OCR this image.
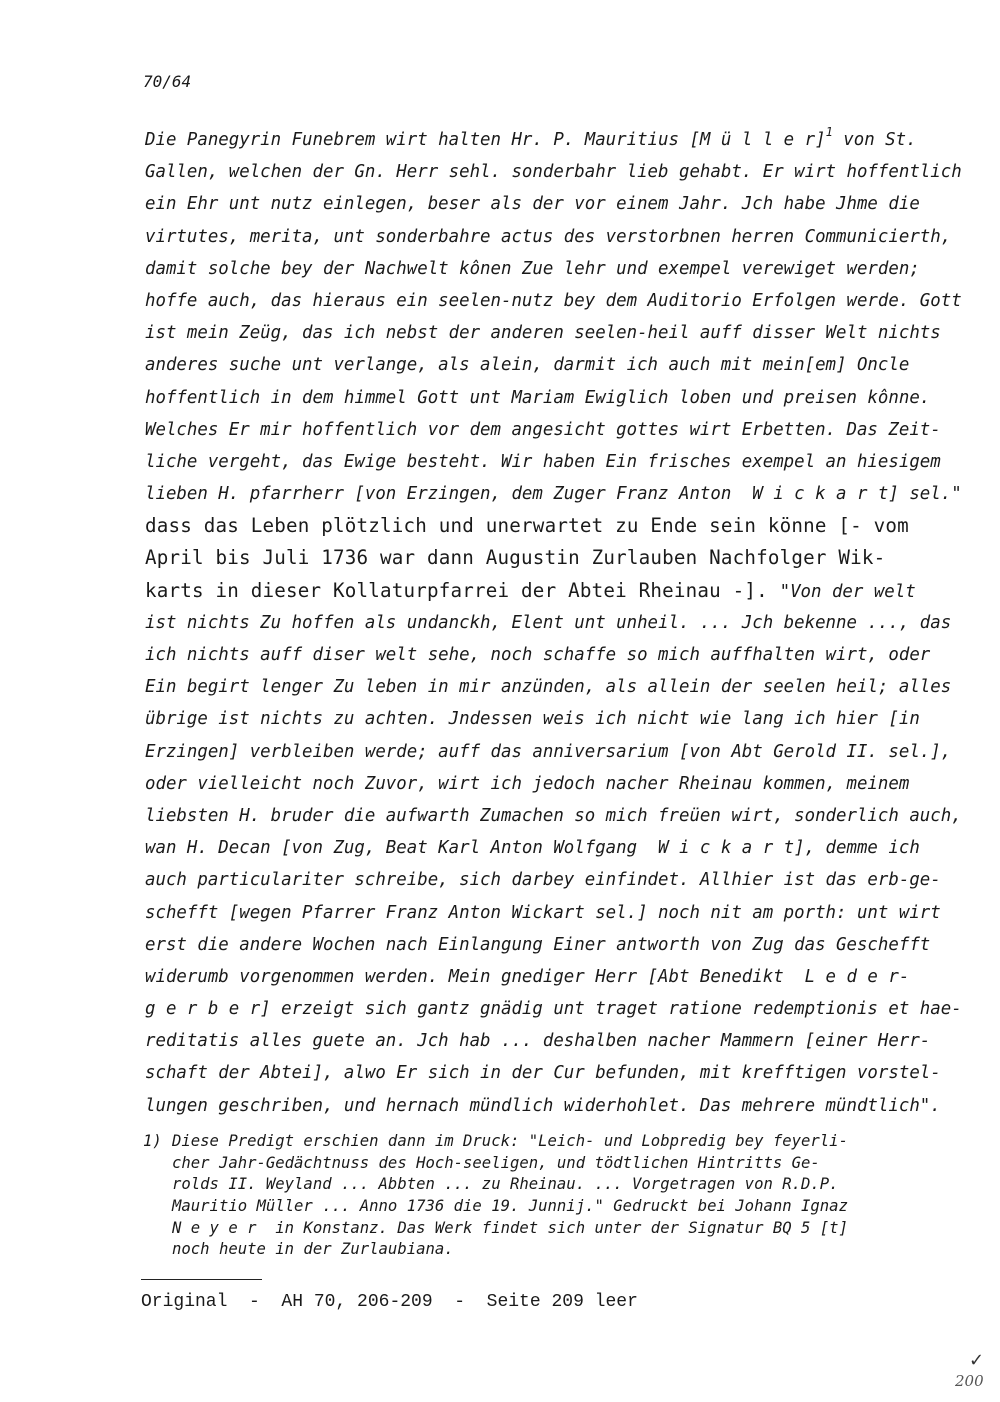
70/64
Die Panegyrin Funebrem wirt halten Hr. P. Mauritius [M ü l l e r]$^1$ von St.
Gallen, welchen der Gn. Herr sehl. sonderbahr lieb gehabt. Er wirt hoffentlich
ein Ehr unt nutz einlegen, beser als der vor einem Jahr. Jch habe Jhme die
virtutes, merita, unt sonderbahre actus des verstorbnen herren Communicierth,
damit solche bey der Nachwelt kônen Zue lehr und exempel verewiget werden;
hoffe auch, das hieraus ein seelen-nutz bey dem Auditorio Erfolgen werde. Gott
ist mein Zeüg, das ich nebst der anderen seelen-heil auff disser Welt nichts
anderes suche unt verlange, als alein, darmit ich auch mit mein[em] Oncle
hoffentlich in dem himmel Gott unt Mariam Ewiglich loben und preisen kônne.
Welches Er mir hoffentlich vor dem angesicht gottes wirt Erbetten. Das Zeit-
liche vergeht, das Ewige besteht. Wir haben Ein frisches exempel an hiesigem
lieben H. pfarrherr [von Erzingen, dem Zuger Franz Anton  W i c k a r t] sel."
dass das Leben plötzlich und unerwartet zu Ende sein könne [- vom
April bis Juli 1736 war dann Augustin Zurlauben Nachfolger Wik-
karts in dieser Kollaturpfarrei der Abtei Rheinau -]. "Von der welt
ist nichts Zu hoffen als undanckh, Elent unt unheil. ... Jch bekenne ..., das
ich nichts auff diser welt sehe, noch schaffe so mich auffhalten wirt, oder
Ein begirt lenger Zu leben in mir anzünden, als allein der seelen heil; alles
übrige ist nichts zu achten. Jndessen weis ich nicht wie lang ich hier [in
Erzingen] verbleiben werde; auff das anniversarium [von Abt Gerold II. sel.],
oder vielleicht noch Zuvor, wirt ich jedoch nacher Rheinau kommen, meinem
liebsten H. bruder die aufwarth Zumachen so mich freüen wirt, sonderlich auch,
wan H. Decan [von Zug, Beat Karl Anton Wolfgang  W i c k a r t], demme ich
auch particulariter schreibe, sich darbey einfindet. Allhier ist das erb-ge-
schefft [wegen Pfarrer Franz Anton Wickart sel.] noch nit am porth: unt wirt
erst die andere Wochen nach Einlangung Einer antworth von Zug das Geschefft
widerumb vorgenommen werden. Mein gnediger Herr [Abt Benedikt  L e d e r-
g e r b e r] erzeigt sich gantz gnädig unt traget ratione redemptionis et hae-
reditatis alles guete an. Jch hab ... deshalben nacher Mammern [einer Herr-
schaft der Abtei], alwo Er sich in der Cur befunden, mit krefftigen vorstel-
lungen geschriben, und hernach mündlich widerhohlet. Das mehrere mündtlich".
1) Diese Predigt erschien dann im Druck: "Leich- und Lobpredig bey feyerli-
cher Jahr-Gedächtnuss des Hoch-seeligen, und tödtlichen Hintritts Ge-
rolds II. Weyland ... Abbten ... zu Rheinau. ... Vorgetragen von R.D.P.
Mauritio Müller ... Anno 1736 die 19. Junnij." Gedruckt bei Johann Ignaz
N e y e r  in Konstanz. Das Werk findet sich unter der Signatur BQ 5 [t]
noch heute in der Zurlaubiana.
Original  -  AH 70, 206-209  -  Seite 209 leer
✓
200
